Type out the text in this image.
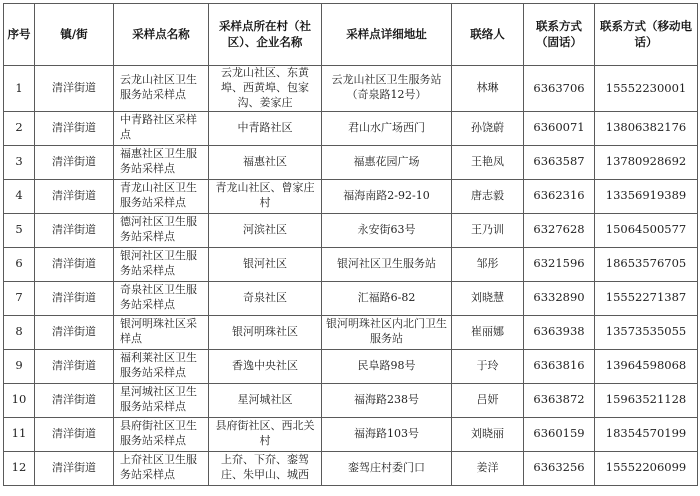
序号	镇/街	采样点名称	采样点所在村（社区）、企业名称	采样点详细地址	联络人	联系方式（固话）	联系方式（移动电话）
1	清洋街道	云龙山社区卫生服务站采样点	云龙山社区、东黄埠、西黄埠、包家沟、姜家庄	云龙山社区卫生服务站（奇泉路12号）	林琳	6363706	15552230001
2	清洋街道	中青路社区采样点	中青路社区	君山水广场西门	孙饶蔚	6360071	13806382176
3	清洋街道	福惠社区卫生服务站采样点	福惠社区	福惠花园广场	王艳凤	6363587	13780928692
4	清洋街道	青龙山社区卫生服务站采样点	青龙山社区、曾家庄村	福海南路2-92-10	唐志毅	6362316	13356919389
5	清洋街道	德河社区卫生服务站采样点	河滨社区	永安街63号	王乃训	6327628	15064500577
6	清洋街道	银河社区卫生服务站采样点	银河社区	银河社区卫生服务站	邹彤	6321596	18653576705
7	清洋街道	奇泉社区卫生服务站采样点	奇泉社区	汇福路6-82	刘晓慧	6332890	15552271387
8	清洋街道	银河明珠社区采样点	银河明珠社区	银河明珠社区内北门卫生服务站	崔丽娜	6363938	13573535055
9	清洋街道	福利莱社区卫生服务站采样点	香逸中央社区	民阜路98号	于玲	6363816	13964598068
10	清洋街道	星河城社区卫生服务站采样点	星河城社区	福海路238号	吕妍	6363872	15963521128
11	清洋街道	县府街社区卫生服务站采样点	县府街社区、西北关村	福海路103号	刘晓丽	6360159	18354570199
12	清洋街道	上夼社区卫生服务站采样点	上夼、下夼、銮驾庄、朱甲山、城西	銮驾庄村委门口	姜洋	6363256	15552206099
